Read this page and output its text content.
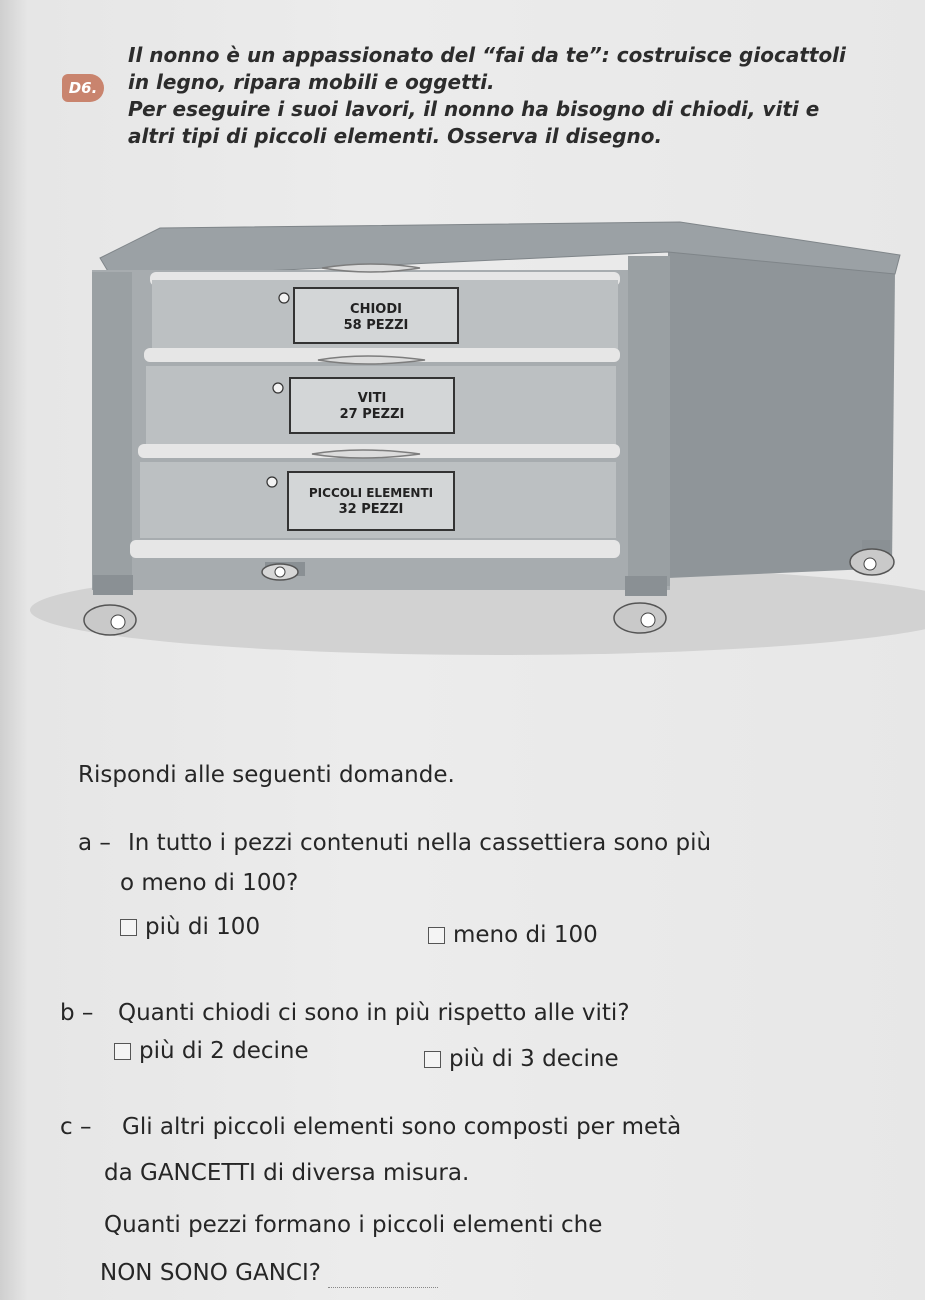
D6.

Il nonno è un appassionato del “fai da te”: costruisce giocattoli

in legno, ripara mobili e oggetti.

Per eseguire i suoi lavori, il nonno ha bisogno di chiodi, viti e

altri tipi di piccoli elementi. Osserva il disegno.

CHIODI
58 PEZZI
VITI
27 PEZZI
PICCOLI ELEMENTI
32 PEZZI
Rispondi alle seguenti domande.
a – In tutto i pezzi contenuti nella cassettiera sono più
o meno di 100?
più di 100	meno di 100
b – Quanti chiodi ci sono in più rispetto alle viti?
più di 2 decine	più di 3 decine
c – Gli altri piccoli elementi sono composti per metà
da GANCETTI di diversa misura.
Quanti pezzi formano i piccoli elementi che
NON SONO GANCI?
